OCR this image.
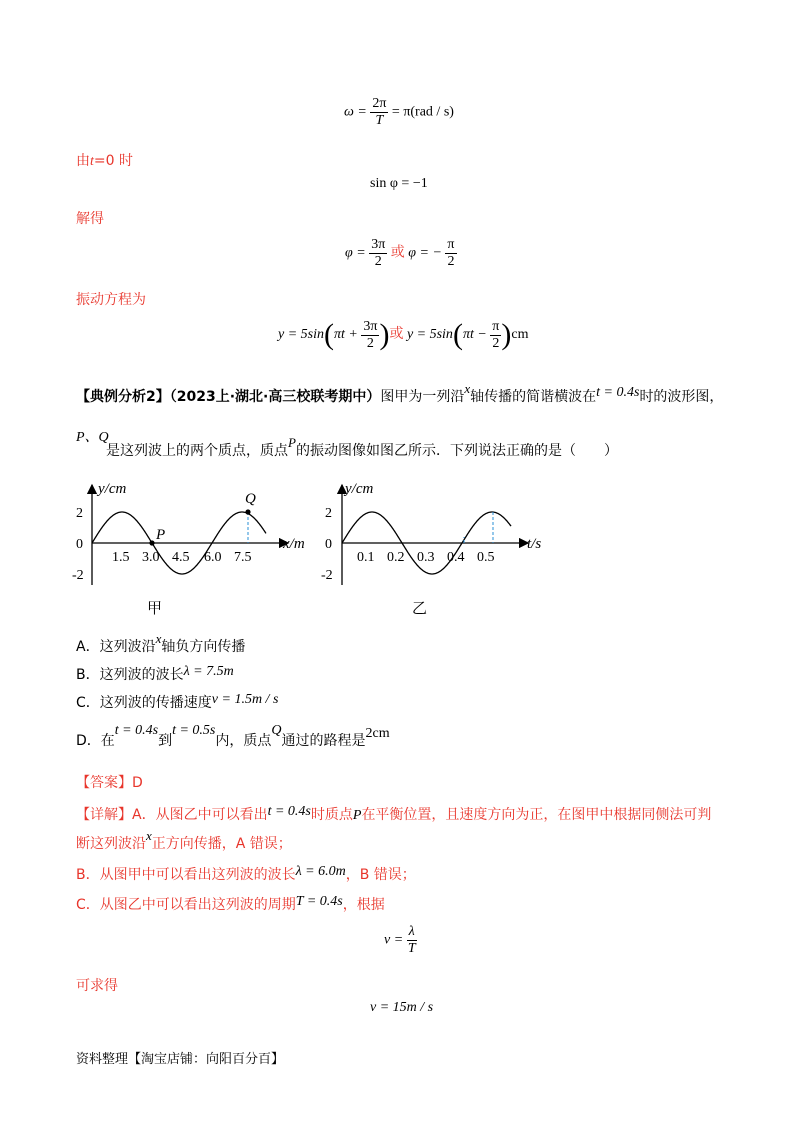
$\omega = \frac{2\pi}{T} = \pi(rad / s)$
由t=0 时
sin φ = −1
解得
$\varphi = \frac{3\pi}{2}$ 或 φ = − $\frac{\pi}{2}$
振动方程为
$y = 5\sin(\pi t + \frac{3\pi}{2}$ )或 $y = 5\sin(\pi t - \frac{\pi}{2} )cm$
【典例分析2】（2023上·湖北·高三校联考期中）图甲为一列沿x轴传播的简谐横波在t = 0.4s时的波形图，
P、Q
是这列波上的两个质点，质点P的振动图像如图乙所示．下列说法正确的是（　　）
y/cm
x/m
2
0
-2
1.5 3.0 4.5 6.0 7.5
P
Q
甲
y/cm
t/s
2
0
-2
0.1 0.2 0.3 0.4 0.5
乙
A．这列波沿x轴负方向传播
B．这列波的波长λ = 7.5m
C．这列波的传播速度v = 1.5m / s
D．在t = 0.4s到t = 0.5s内，质点Q通过的路程是2cm
【答案】D
【详解】A．从图乙中可以看出t = 0.4s时质点P在平衡位置，且速度方向为正，在图甲中根据同侧法可判
断这列波沿x正方向传播，A 错误；
B．从图甲中可以看出这列波的波长λ = 6.0m，B 错误；
C．从图乙中可以看出这列波的周期T = 0.4s，根据
$v = \frac{\lambda}{T}$
可求得
v = 15m / s
资料整理【淘宝店铺：向阳百分百】
